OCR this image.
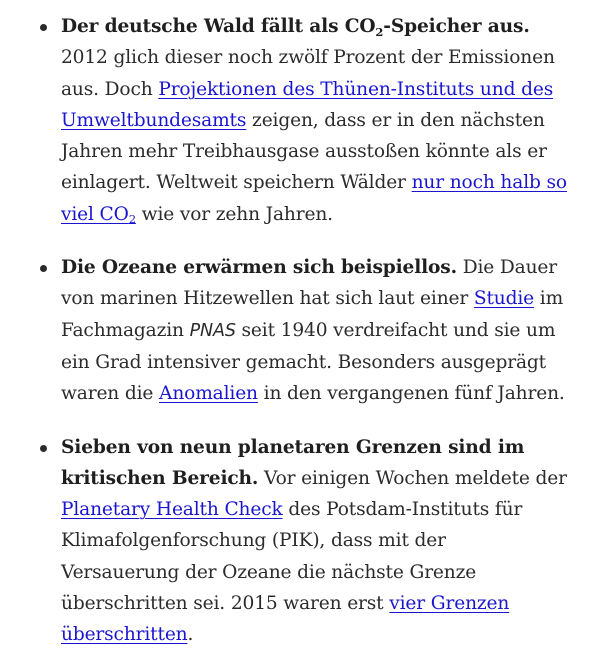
Der deutsche Wald fällt als CO2-Speicher aus. 2012 glich dieser noch zwölf Prozent der Emissionen aus. Doch Projektionen des Thünen-Instituts und des Umweltbundesamts zeigen, dass er in den nächsten Jahren mehr Treibhausgase ausstoßen könnte als er einlagert. Weltweit speichern Wälder nur noch halb so viel CO2 wie vor zehn Jahren.
Die Ozeane erwärmen sich beispiellos. Die Dauer von marinen Hitzewellen hat sich laut einer Studie im Fachmagazin PNAS seit 1940 verdreifacht und sie um ein Grad intensiver gemacht. Besonders ausgeprägt waren die Anomalien in den vergangenen fünf Jahren.
Sieben von neun planetaren Grenzen sind im kritischen Bereich. Vor einigen Wochen meldete der Planetary Health Check des Potsdam-Instituts für Klimafolgenforschung (PIK), dass mit der Versauerung der Ozeane die nächste Grenze überschritten sei. 2015 waren erst vier Grenzen überschritten.
